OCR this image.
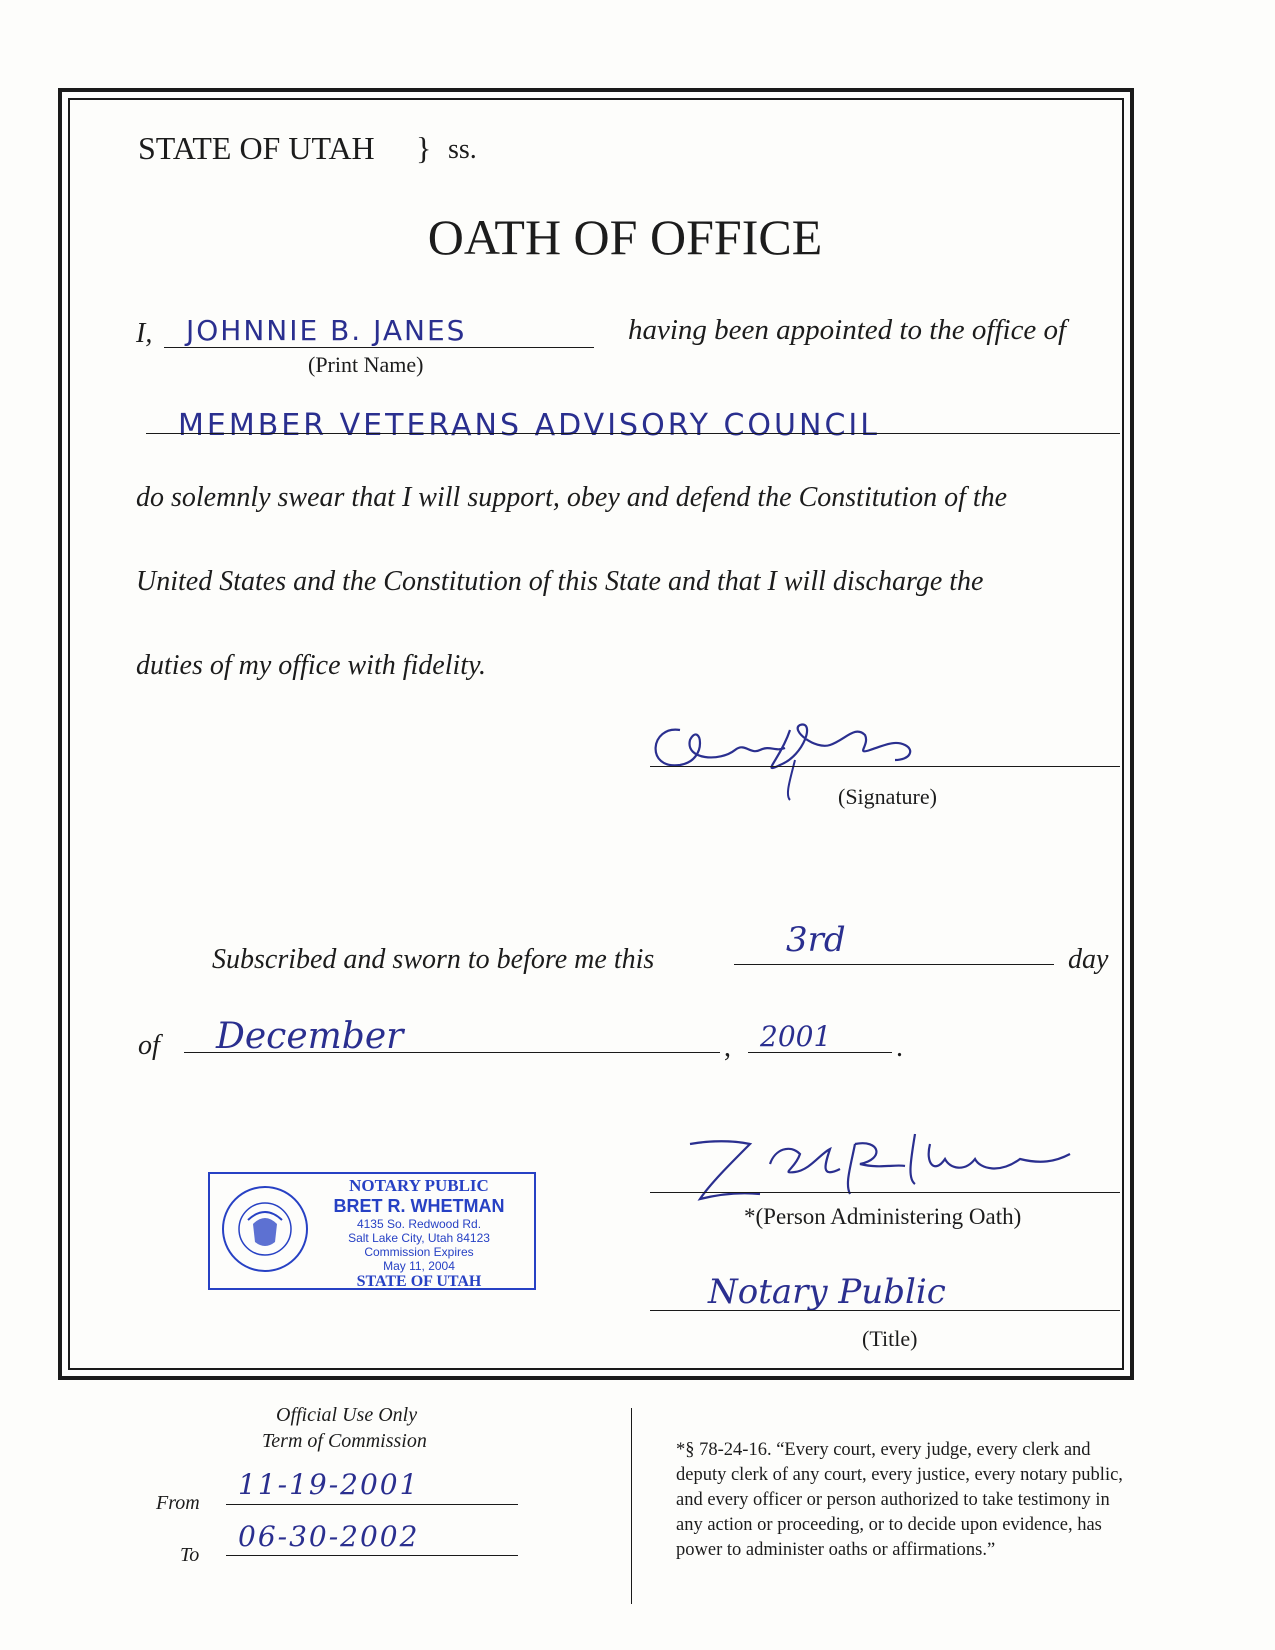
STATE OF UTAH } ss.
OATH OF OFFICE
I, JOHNNIE B. JANES
(Print Name)
having been appointed to the office of
MEMBER VETERANS ADVISORY COUNCIL
do solemnly swear that I will support, obey and defend the Constitution of the
United States and the Constitution of this State and that I will discharge the
duties of my office with fidelity.
(Signature)
Subscribed and sworn to before me this	3rd	day
of December	, 2001 .
NOTARY PUBLIC
BRET R. WHETMAN
4135 So. Redwood Rd.
Salt Lake City, Utah 84123
Commission Expires
May 11, 2004
STATE OF UTAH
*(Person Administering Oath)
Notary Public
(Title)
Official Use Only
Term of Commission
From
11-19-2001
To
06-30-2002
*§ 78-24-16. “Every court, every judge, every clerk and
deputy clerk of any court, every justice, every notary public,
and every officer or person authorized to take testimony in
any action or proceeding, or to decide upon evidence, has
power to administer oaths or affirmations.”
